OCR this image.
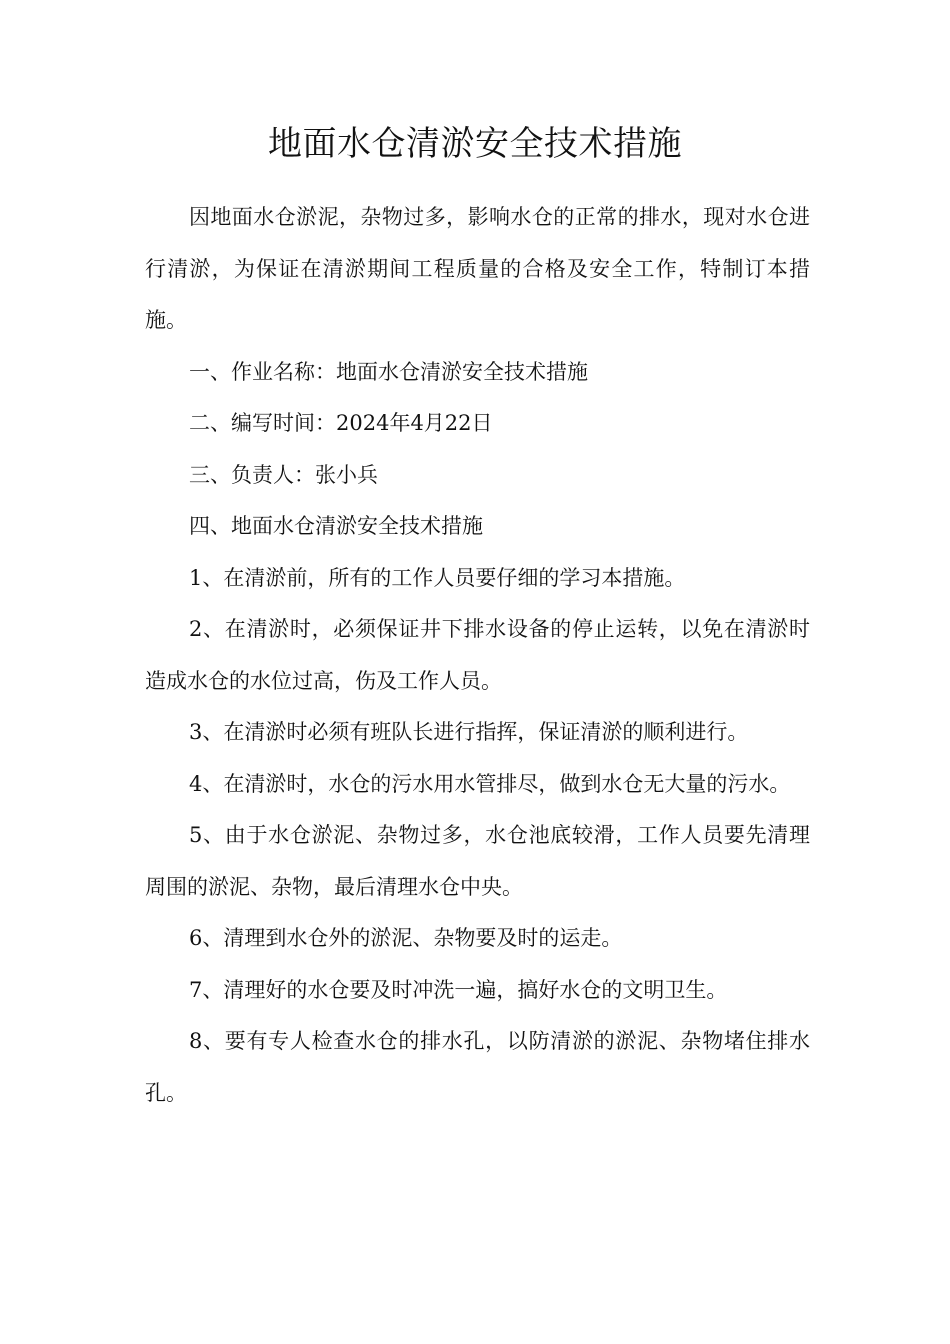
地面水仓清淤安全技术措施

因地面水仓淤泥，杂物过多，影响水仓的正常的排水，现对水仓进行清淤，为保证在清淤期间工程质量的合格及安全工作，特制订本措施。

一、作业名称：地面水仓清淤安全技术措施

二、编写时间：2024年4月22日

三、负责人：张小兵

四、地面水仓清淤安全技术措施

1、在清淤前，所有的工作人员要仔细的学习本措施。

2、在清淤时，必须保证井下排水设备的停止运转，以免在清淤时造成水仓的水位过高，伤及工作人员。

3、在清淤时必须有班队长进行指挥，保证清淤的顺利进行。

4、在清淤时，水仓的污水用水管排尽，做到水仓无大量的污水。

5、由于水仓淤泥、杂物过多，水仓池底较滑，工作人员要先清理周围的淤泥、杂物，最后清理水仓中央。

6、清理到水仓外的淤泥、杂物要及时的运走。

7、清理好的水仓要及时冲洗一遍，搞好水仓的文明卫生。

8、要有专人检查水仓的排水孔，以防清淤的淤泥、杂物堵住排水孔。
